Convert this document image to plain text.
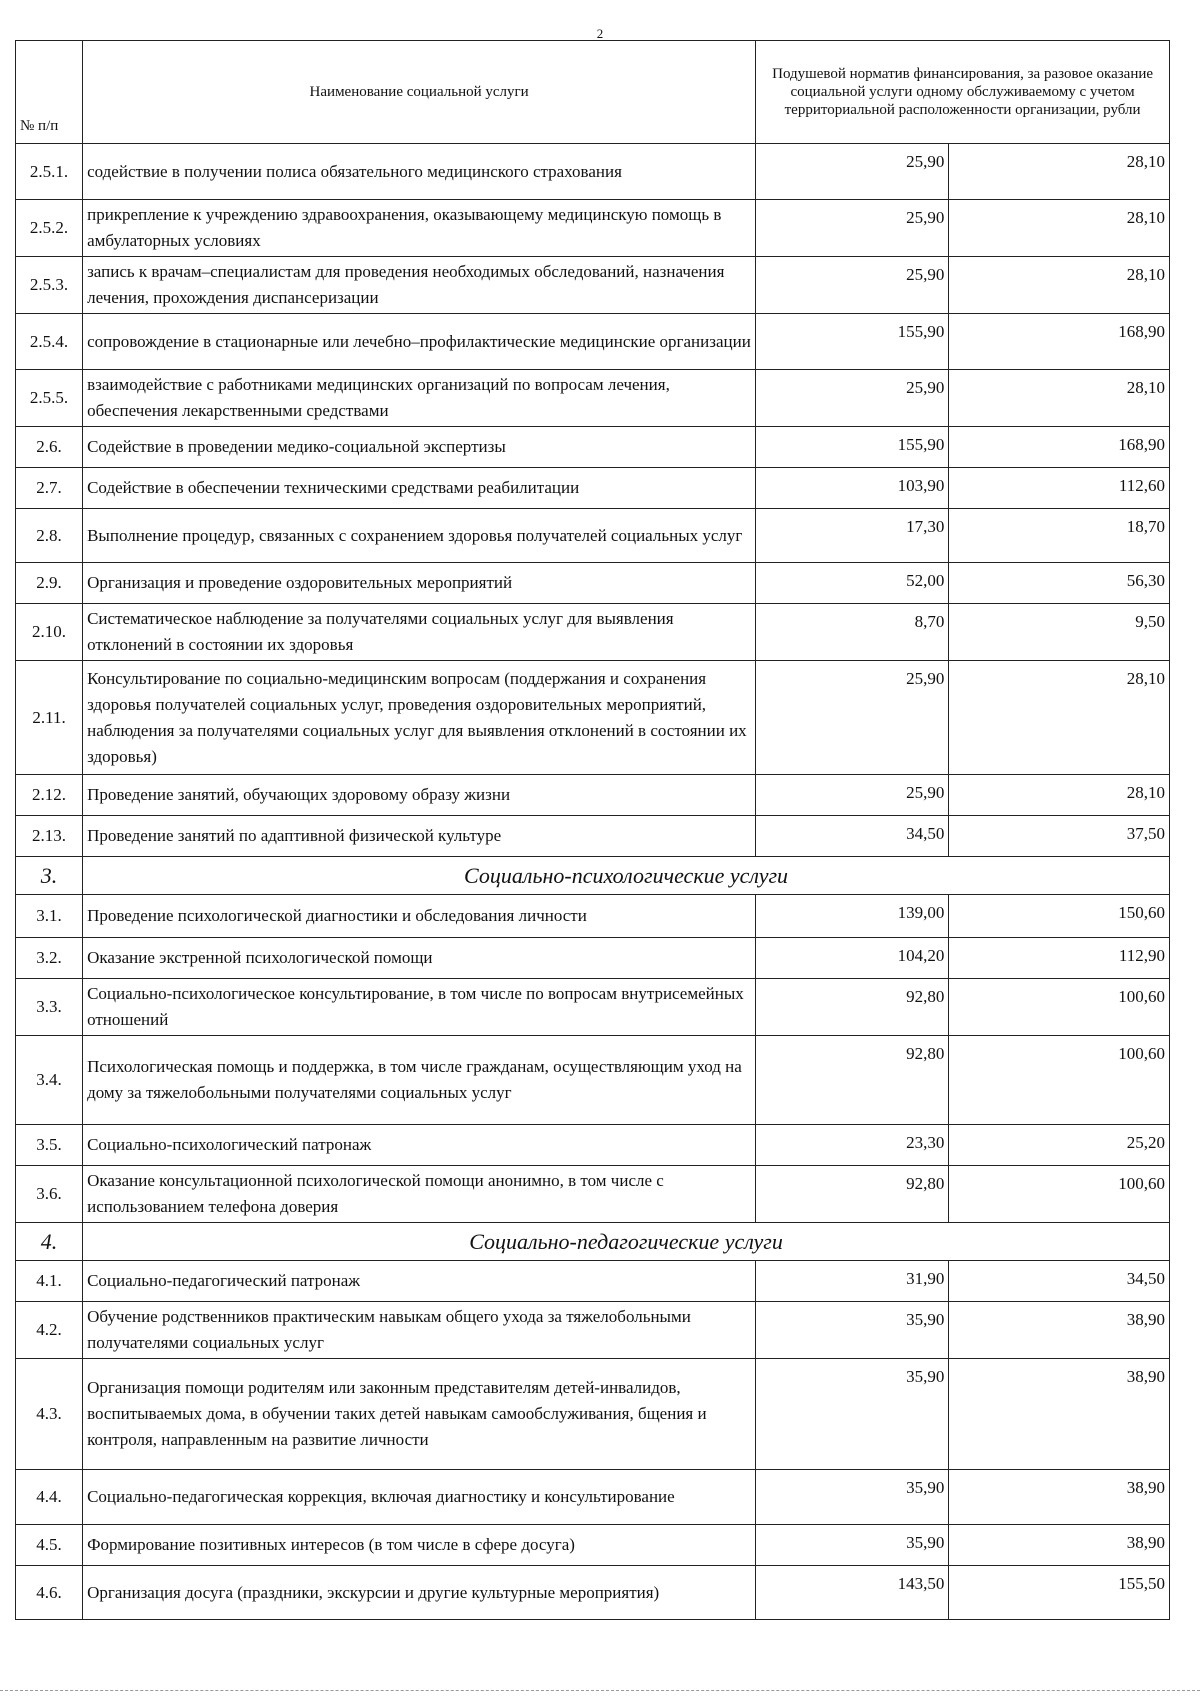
2
№ п/п	Наименование социальной услуги	Подушевой норматив финансирования, за разовое оказание социальной услуги одному обслуживаемому с учетом территориальной расположенности организации, рубли	
2.5.1.	содействие в получении полиса обязательного медицинского страхования	25,90	28,10
2.5.2.	прикрепление к учреждению здравоохранения, оказывающему медицинскую помощь в амбулаторных условиях	25,90	28,10
2.5.3.	запись к врачам–специалистам для проведения необходимых обследований, назначения лечения, прохождения диспансеризации	25,90	28,10
2.5.4.	сопровождение в стационарные или лечебно–профилактические медицинские организации	155,90	168,90
2.5.5.	взаимодействие с работниками медицинских организаций по вопросам лечения, обеспечения лекарственными средствами	25,90	28,10
2.6.	Содействие в проведении медико-социальной экспертизы	155,90	168,90
2.7.	Содействие в обеспечении техническими средствами реабилитации	103,90	112,60
2.8.	Выполнение процедур, связанных с сохранением здоровья получателей социальных услуг	17,30	18,70
2.9.	Организация и проведение оздоровительных мероприятий	52,00	56,30
2.10.	Систематическое наблюдение за получателями социальных услуг для выявления отклонений в состоянии их здоровья	8,70	9,50
2.11.	Консультирование по социально-медицинским вопросам (поддержания и сохранения здоровья получателей социальных услуг, проведения оздоровительных мероприятий, наблюдения за получателями социальных услуг для выявления отклонений в состоянии их здоровья)	25,90	28,10
2.12.	Проведение занятий, обучающих здоровому образу жизни	25,90	28,10
2.13.	Проведение занятий по адаптивной физической культуре	34,50	37,50
3.	Социально-психологические услуги		
3.1.	Проведение психологической диагностики и обследования личности	139,00	150,60
3.2.	Оказание экстренной психологической помощи	104,20	112,90
3.3.	Социально-психологическое консультирование, в том числе по вопросам внутрисемейных отношений	92,80	100,60
3.4.	Психологическая помощь и поддержка, в том числе гражданам, осуществляющим уход на дому за тяжелобольными получателями социальных услуг	92,80	100,60
3.5.	Социально-психологический патронаж	23,30	25,20
3.6.	Оказание консультационной психологической помощи анонимно, в том числе с использованием телефона доверия	92,80	100,60
4.	Социально-педагогические услуги		
4.1.	Социально-педагогический патронаж	31,90	34,50
4.2.	Обучение родственников практическим навыкам общего ухода за тяжелобольными получателями социальных услуг	35,90	38,90
4.3.	Организация помощи родителям или законным представителям детей-инвалидов, воспитываемых дома, в обучении таких детей навыкам самообслуживания, бщения и контроля, направленным на развитие личности	35,90	38,90
4.4.	Социально-педагогическая коррекция, включая диагностику и консультирование	35,90	38,90
4.5.	Формирование позитивных интересов (в том числе в сфере досуга)	35,90	38,90
4.6.	Организация досуга (праздники, экскурсии и другие культурные мероприятия)	143,50	155,50
